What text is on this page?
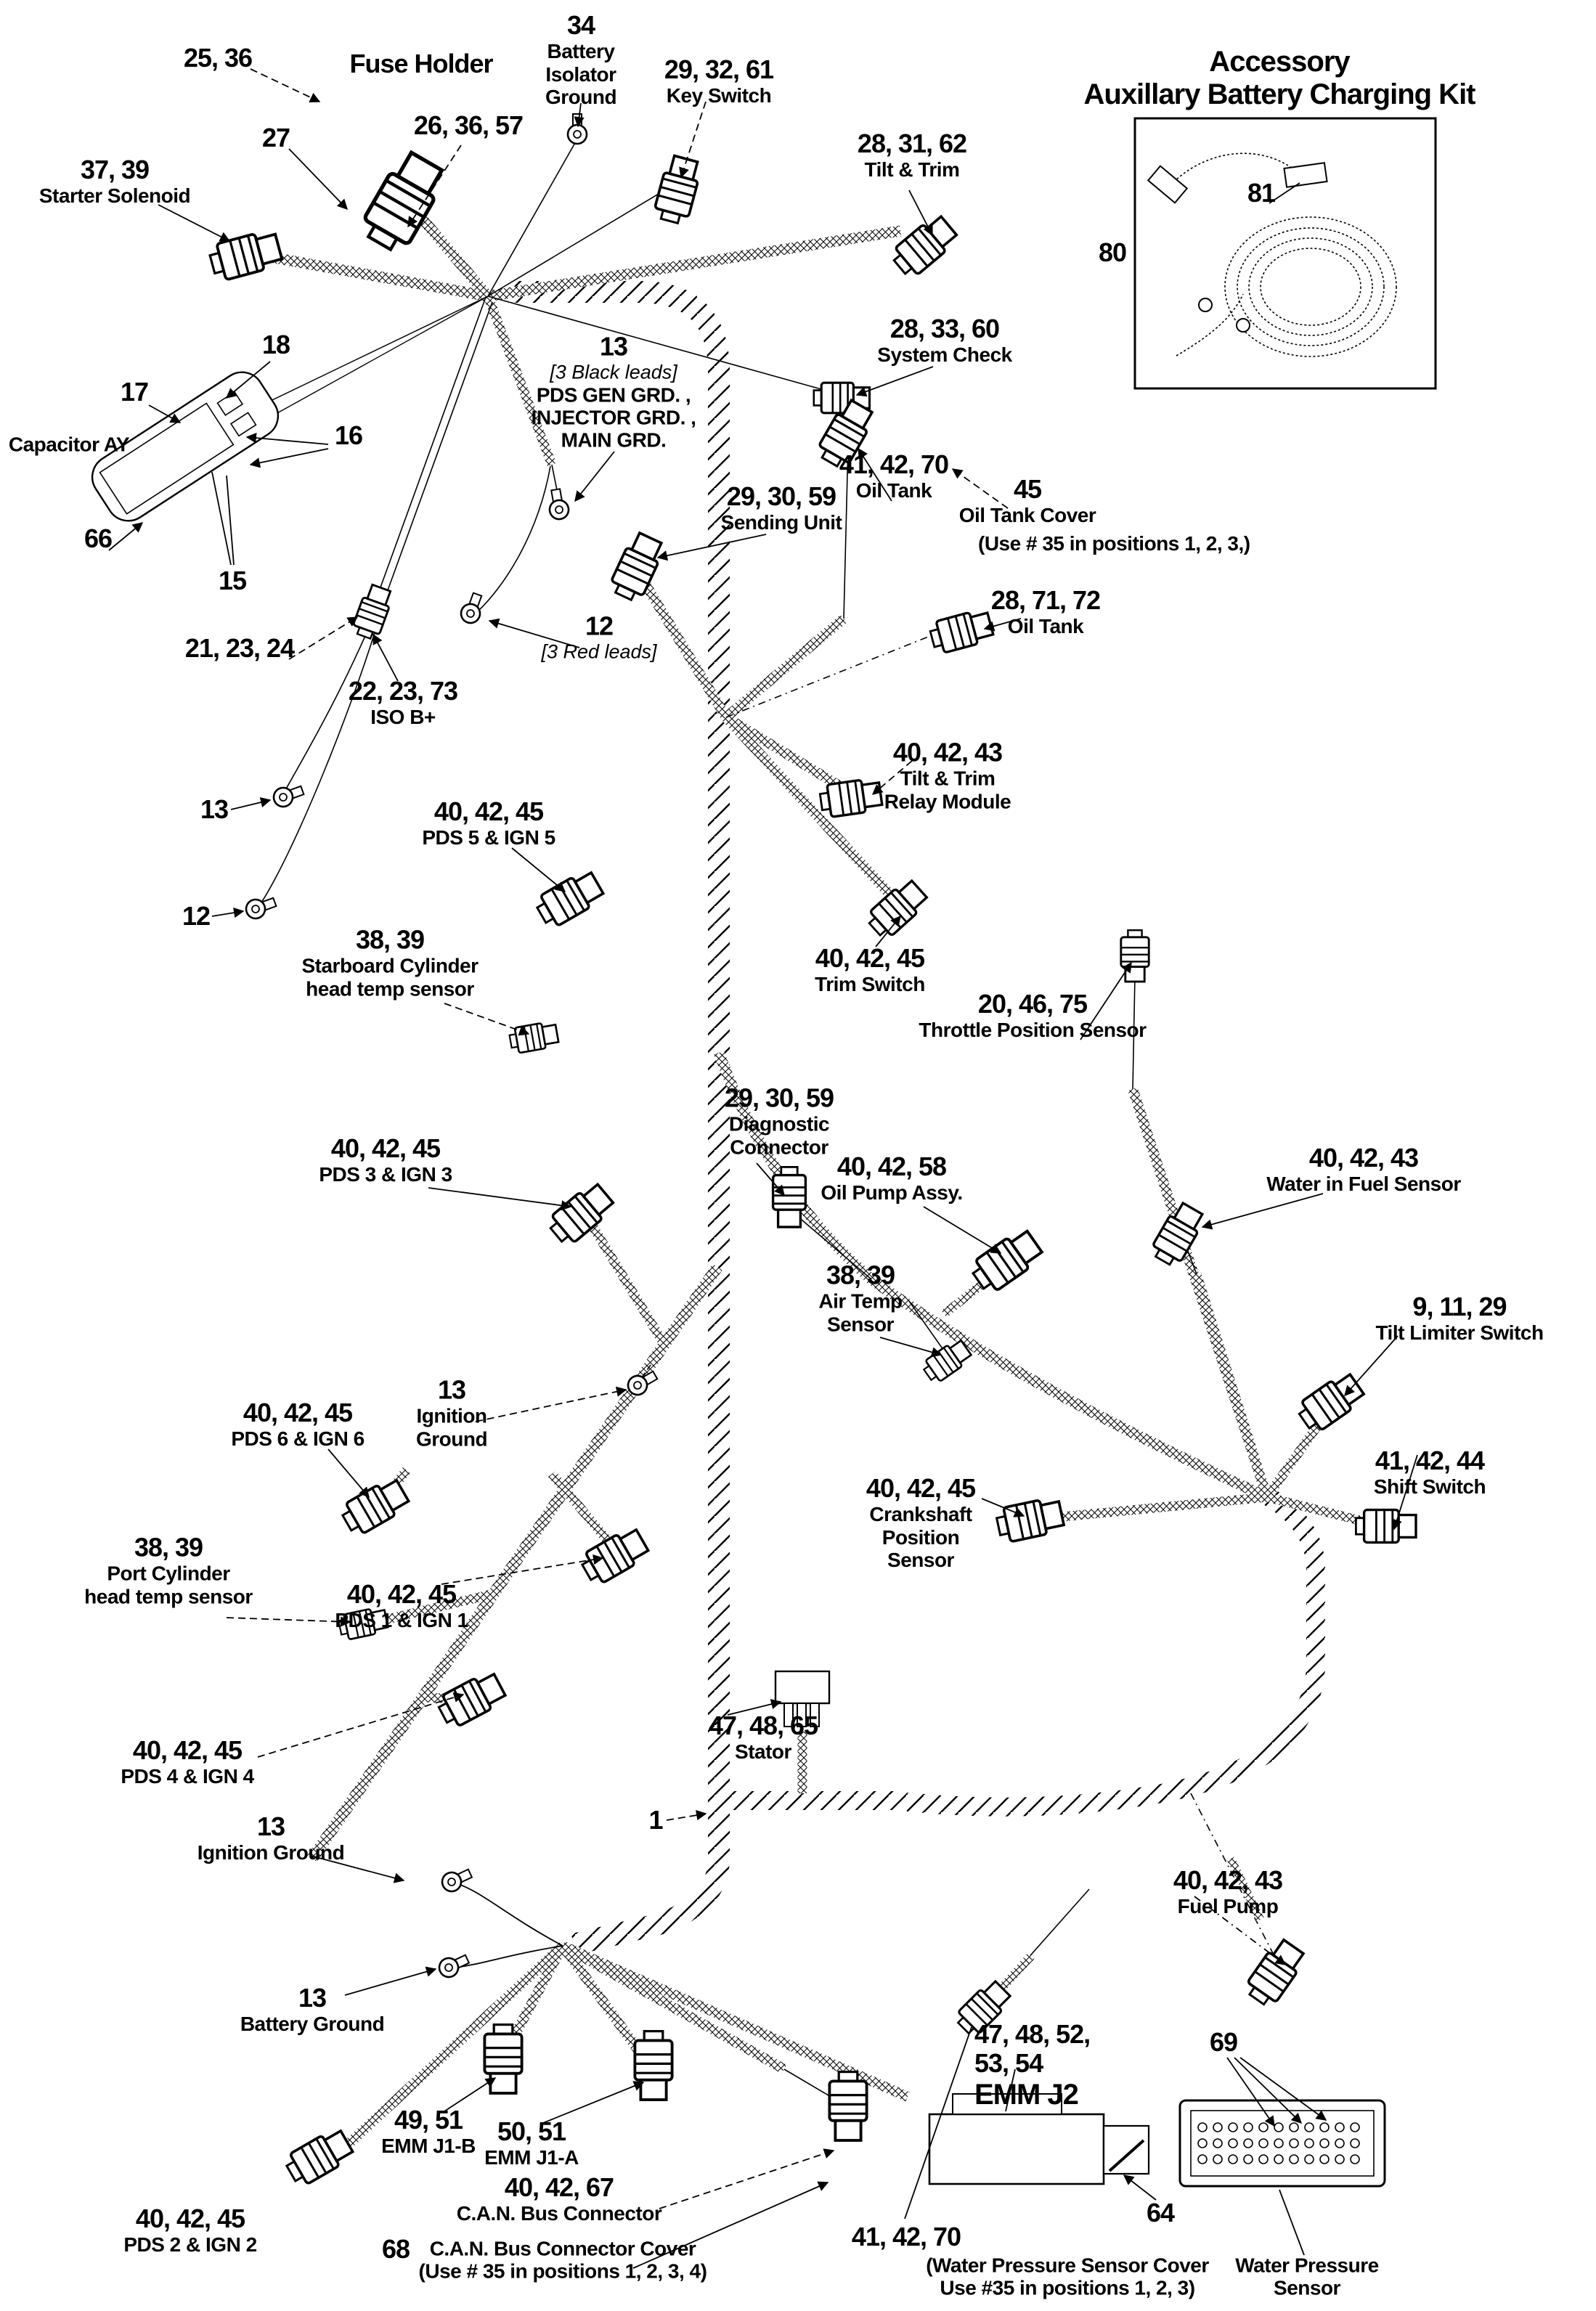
25, 36	Fuse Holder
27	26, 36, 57
34
Battery
Isolator
Ground
29, 32, 61
Key Switch
37, 39
Starter Solenoid
28, 31, 62
Tilt & Trim
28, 33, 60
System Check
Accessory
Auxillary Battery Charging Kit
80
81
18
17
16
Capacitor AY
66
15
21, 23, 24
22, 23, 73
ISO B+
13
12
13
[3 Black leads]
PDS GEN GRD. ,
INJECTOR GRD. ,
MAIN GRD.
12
[3 Red leads]
29, 30, 59
Sending Unit
41, 42, 70
Oil Tank	45
Oil Tank Cover
(Use # 35 in positions 1, 2, 3,)
28, 71, 72
Oil Tank
40, 42, 43
Tilt & Trim
Relay Module
40, 42, 45
Trim Switch
20, 46, 75
Throttle Position Sensor
40, 42, 45
PDS 5 & IGN 5
38, 39
Starboard Cylinder
head temp sensor
29, 30, 59
Diagnostic
Connector
40, 42, 58
Oil Pump Assy.
40, 42, 43
Water in Fuel Sensor
38, 39
Air Temp
Sensor
9, 11, 29
Tilt Limiter Switch
40, 42, 45
PDS 3 & IGN 3
13
Ignition
Ground
40, 42, 45
PDS 6 & IGN 6
40, 42, 45
Crankshaft
Position
Sensor
41, 42, 44
Shift Switch
38, 39
Port Cylinder
head temp sensor	40, 42, 45
PDS 1 & IGN 1
47, 48, 65
Stator
40, 42, 45
PDS 4 & IGN 4
13
Ignition Ground
1
40, 42, 43
Fuel Pump
13
Battery Ground
49, 51
EMM J1-B 50, 51
EMM J1-A
40, 42, 67
C.A.N. Bus Connector
68 C.A.N. Bus Connector Cover
(Use # 35 in positions 1, 2, 3, 4)
47, 48, 52,
53, 54
EMM J2
69
64
41, 42, 70
(Water Pressure Sensor Cover
Use #35 in positions 1, 2, 3)
Water Pressure
Sensor
40, 42, 45
PDS 2 & IGN 2
